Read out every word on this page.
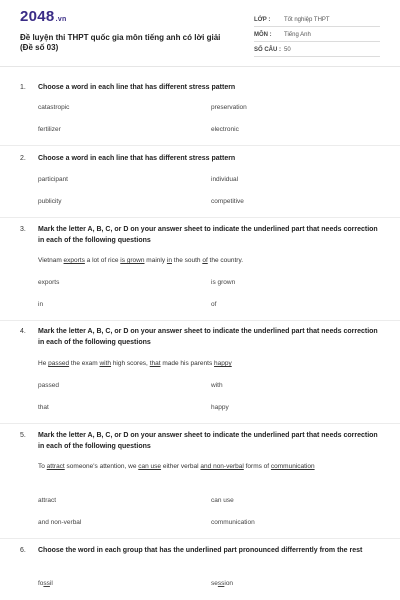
2048.vn
Đề luyện thi THPT quốc gia môn tiếng anh có lời giải (Đề số 03)
LỚP : Tốt nghiệp THPT
MÔN : Tiếng Anh
SỐ CÂU : 50
1.	Choose a word in each line that has different stress pattern
catastropic	preservation
fertilizer	electronic
2.	Choose a word in each line that has different stress pattern
participant	individual
publicity	competitive
3.	Mark the letter A, B, C, or D on your answer sheet to indicate the underlined part that needs correction in each of the following questions
Vietnam exports a lot of rice is grown mainly in the south of the country.
exports	is grown
in	of
4.	Mark the letter A, B, C, or D on your answer sheet to indicate the underlined part that needs correction in each of the following questions
He passed the exam with high scores, that made his parents happy
passed	with
that	happy
5.	Mark the letter A, B, C, or D on your answer sheet to indicate the underlined part that needs correction in each of the following questions
To attract someone's attention, we can use either verbal and non-verbal forms of communication
attract	can use
and non-verbal	communication
6.	Choose the word in each group that has the underlined part pronounced differrently from the rest
fossil	session
